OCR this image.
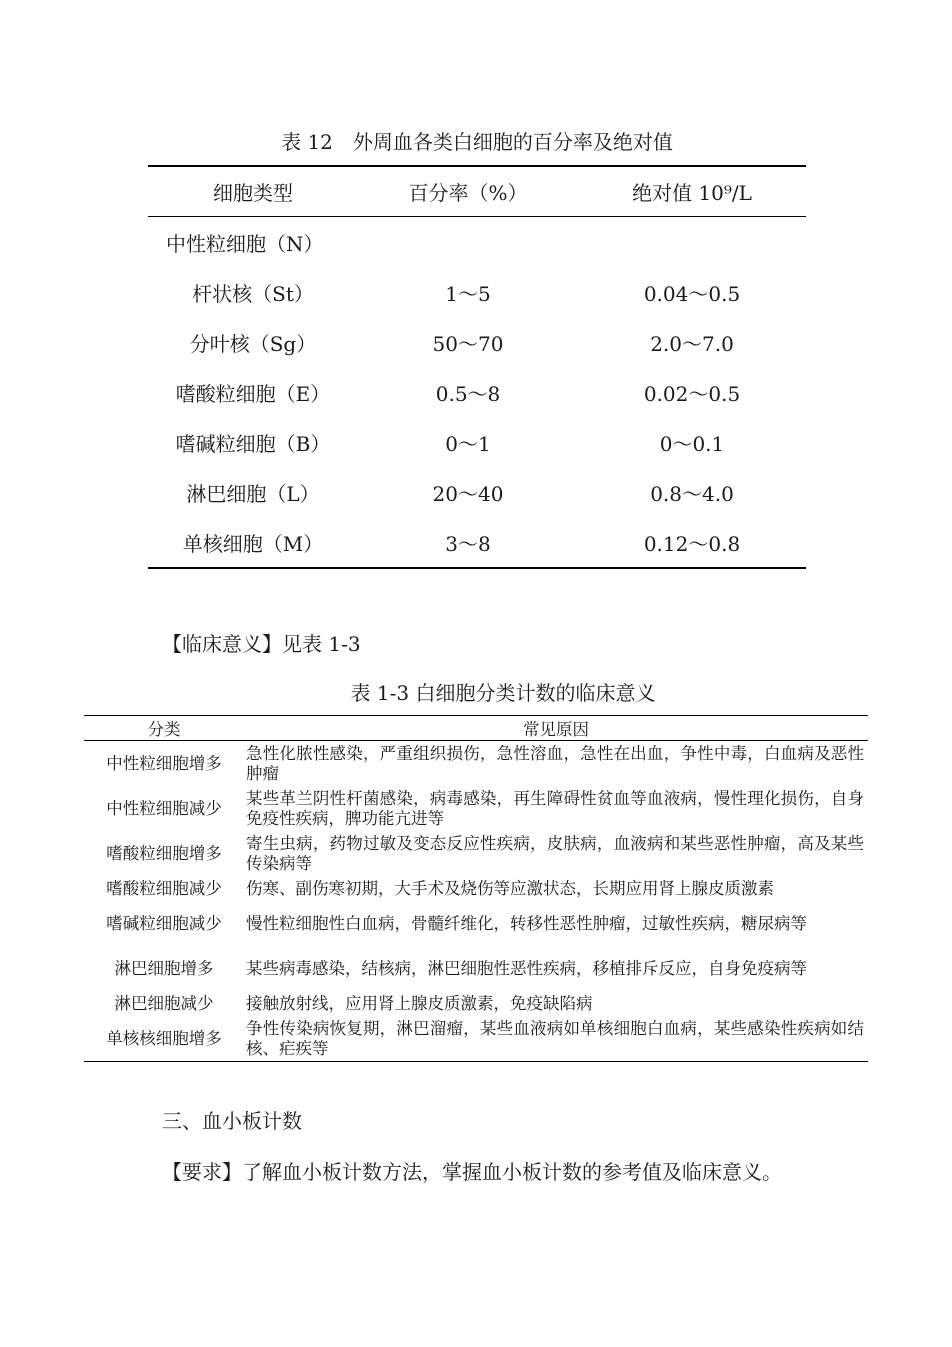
表 12　外周血各类白细胞的百分率及绝对值
细胞类型	百分率（%）	绝对值 10⁹/L
中性粒细胞（N）		
杆状核（St）	1～5	0.04～0.5
分叶核（Sg）	50～70	2.0～7.0
嗜酸粒细胞（E）	0.5～8	0.02～0.5
嗜碱粒细胞（B）	0～1	0～0.1
淋巴细胞（L）	20～40	0.8～4.0
单核细胞（M）	3～8	0.12～0.8
【临床意义】见表 1-3
表 1-3 白细胞分类计数的临床意义
分类	常见原因
中性粒细胞增多	急性化脓性感染，严重组织损伤，急性溶血，急性在出血，争性中毒，白血病及恶性肿瘤
中性粒细胞减少	某些革兰阴性杆菌感染，病毒感染，再生障碍性贫血等血液病，慢性理化损伤，自身免疫性疾病，脾功能亢进等
嗜酸粒细胞增多	寄生虫病，药物过敏及变态反应性疾病，皮肤病，血液病和某些恶性肿瘤，高及某些传染病等
嗜酸粒细胞减少	伤寒、副伤寒初期，大手术及烧伤等应激状态，长期应用肾上腺皮质激素
嗜碱粒细胞减少	慢性粒细胞性白血病，骨髓纤维化，转移性恶性肿瘤，过敏性疾病，糖尿病等
淋巴细胞增多	某些病毒感染，结核病，淋巴细胞性恶性疾病，移植排斥反应，自身免疫病等
淋巴细胞减少	接触放射线，应用肾上腺皮质激素，免疫缺陷病
单核核细胞增多	争性传染病恢复期，淋巴溜瘤，某些血液病如单核细胞白血病，某些感染性疾病如结核、疟疾等
三、血小板计数
【要求】了解血小板计数方法，掌握血小板计数的参考值及临床意义。
